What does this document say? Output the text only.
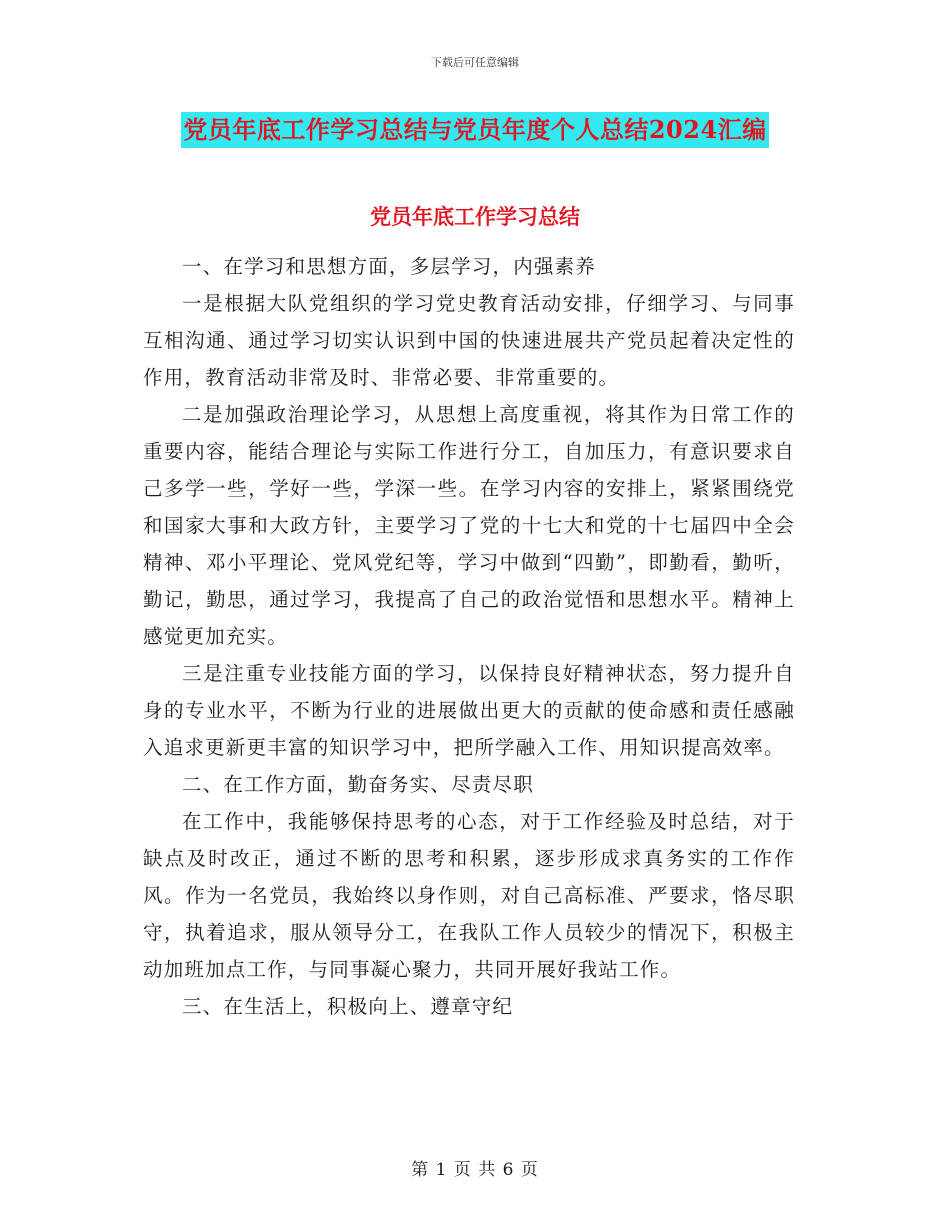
下载后可任意编辑
党员年底工作学习总结与党员年度个人总结2024汇编
党员年底工作学习总结

一、在学习和思想方面，多层学习，内强素养

一是根据大队党组织的学习党史教育活动安排，仔细学习、与同事互相沟通、通过学习切实认识到中国的快速进展共产党员起着决定性的作用，教育活动非常及时、非常必要、非常重要的。

二是加强政治理论学习，从思想上高度重视，将其作为日常工作的重要内容，能结合理论与实际工作进行分工，自加压力，有意识要求自己多学一些，学好一些，学深一些。在学习内容的安排上，紧紧围绕党和国家大事和大政方针，主要学习了党的十七大和党的十七届四中全会精神、邓小平理论、党风党纪等，学习中做到“四勤”，即勤看，勤听，勤记，勤思，通过学习，我提高了自己的政治觉悟和思想水平。精神上感觉更加充实。

三是注重专业技能方面的学习，以保持良好精神状态，努力提升自身的专业水平，不断为行业的进展做出更大的贡献的使命感和责任感融入追求更新更丰富的知识学习中，把所学融入工作、用知识提高效率。

二、在工作方面，勤奋务实、尽责尽职

在工作中，我能够保持思考的心态，对于工作经验及时总结，对于缺点及时改正，通过不断的思考和积累，逐步形成求真务实的工作作风。作为一名党员，我始终以身作则，对自己高标准、严要求，恪尽职守，执着追求，服从领导分工，在我队工作人员较少的情况下，积极主动加班加点工作，与同事凝心聚力，共同开展好我站工作。

三、在生活上，积极向上、遵章守纪

第 1 页 共 6 页
